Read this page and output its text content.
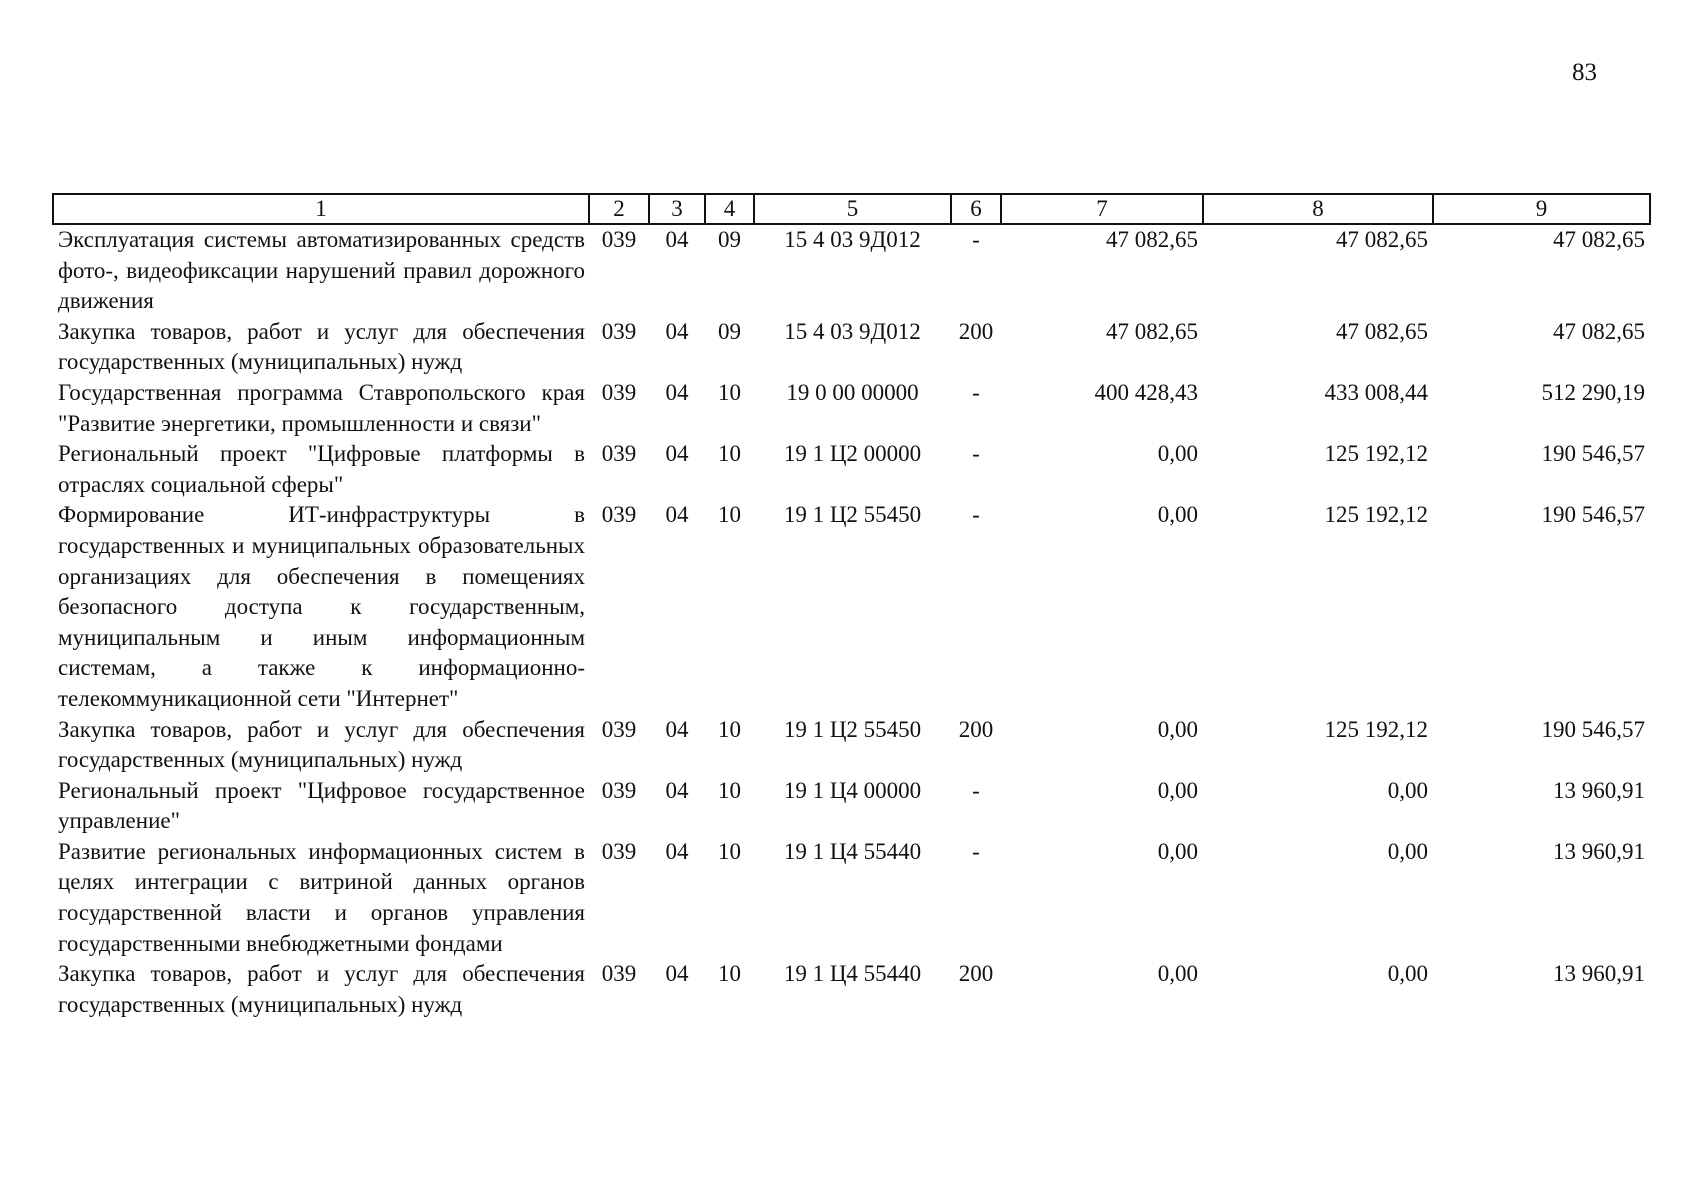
83
1	2	3	4	5	6	7	8	9
Эксплуатация системы автоматизированных средств фото-, видеофиксации нарушений правил дорожного движения	039	04	09	15 4 03 9Д012	-	47 082,65	47 082,65	47 082,65
Закупка товаров, работ и услуг для обеспечения государственных (муниципальных) нужд	039	04	09	15 4 03 9Д012	200	47 082,65	47 082,65	47 082,65
Государственная программа Ставропольского края "Развитие энергетики, промышленности и связи"	039	04	10	19 0 00 00000	-	400 428,43	433 008,44	512 290,19
Региональный проект "Цифровые платформы в отраслях социальной сферы"	039	04	10	19 1 Ц2 00000	-	0,00	125 192,12	190 546,57
Формирование ИТ-инфраструктуры в государственных и муниципальных образовательных организациях для обеспечения в помещениях безопасного доступа к государственным, муниципальным и иным информационным системам, а также к информационно-телекоммуникационной сети "Интернет"	039	04	10	19 1 Ц2 55450	-	0,00	125 192,12	190 546,57
Закупка товаров, работ и услуг для обеспечения государственных (муниципальных) нужд	039	04	10	19 1 Ц2 55450	200	0,00	125 192,12	190 546,57
Региональный проект "Цифровое государственное управление"	039	04	10	19 1 Ц4 00000	-	0,00	0,00	13 960,91
Развитие региональных информационных систем в целях интеграции с витриной данных органов государственной власти и органов управления государственными внебюджетными фондами	039	04	10	19 1 Ц4 55440	-	0,00	0,00	13 960,91
Закупка товаров, работ и услуг для обеспечения государственных (муниципальных) нужд	039	04	10	19 1 Ц4 55440	200	0,00	0,00	13 960,91
